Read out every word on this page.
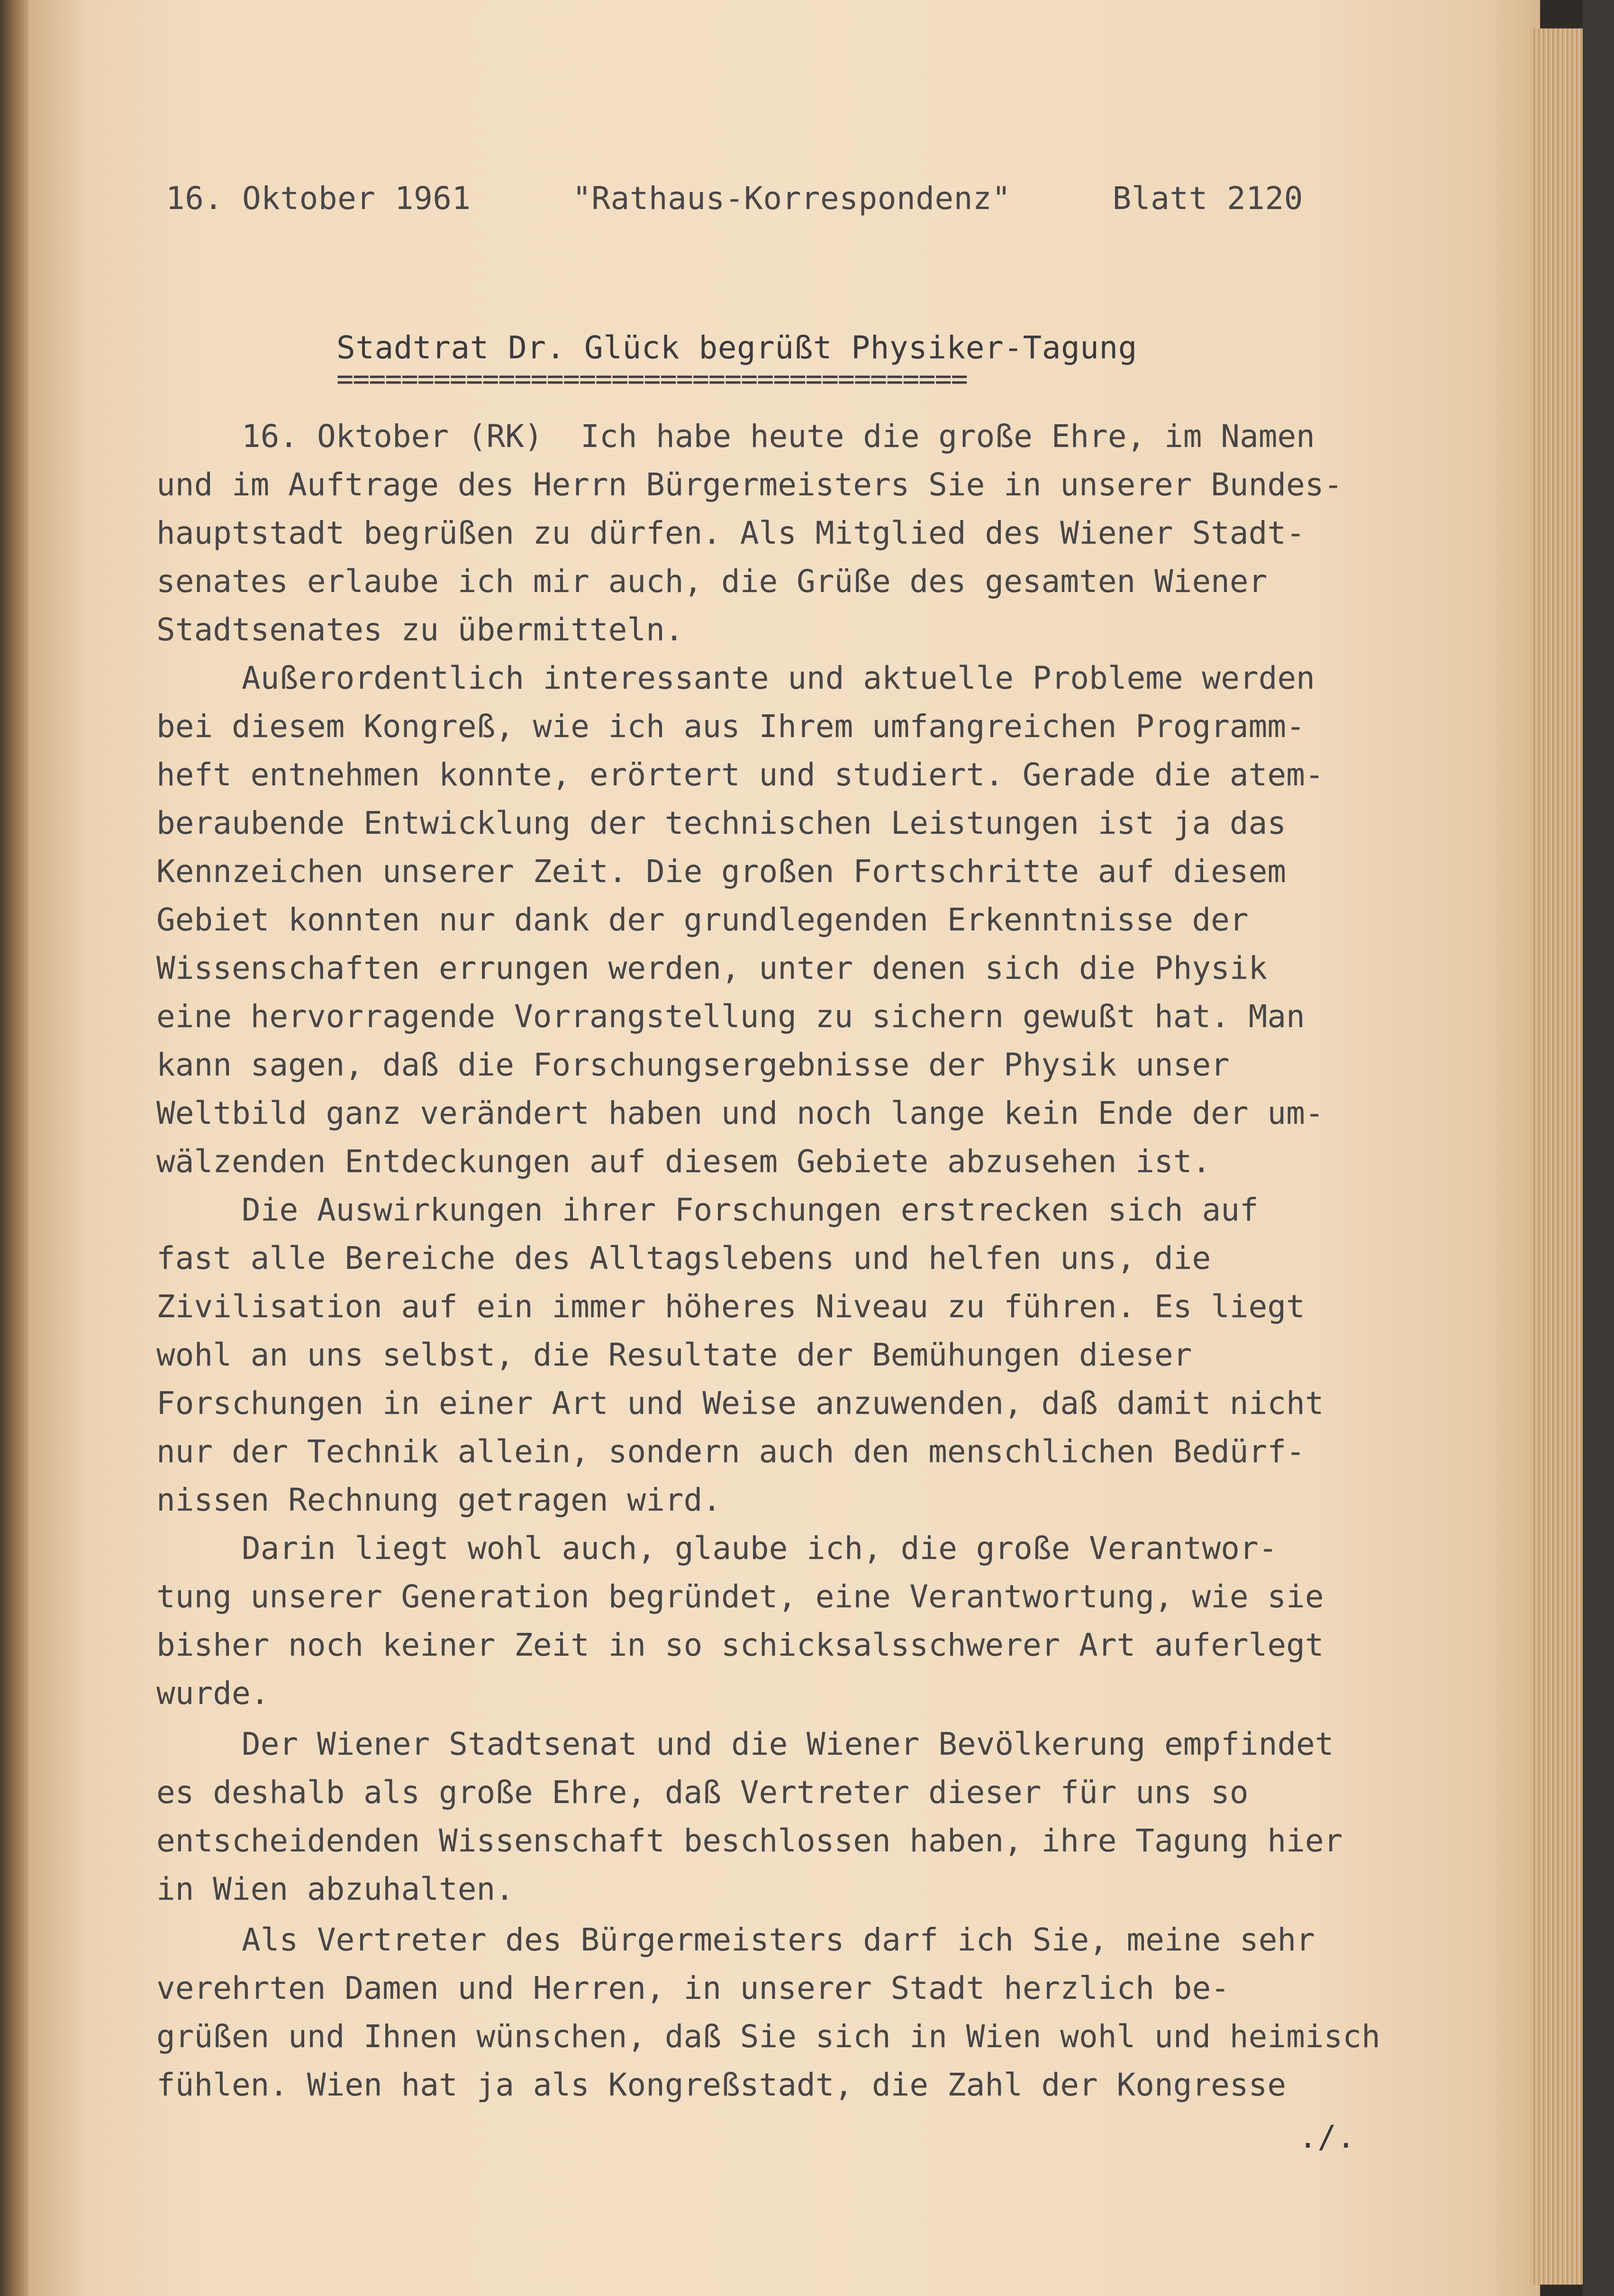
16. Oktober 1961	"Rathaus-Korrespondenz"	Blatt 2120
Stadtrat Dr. Glück begrüßt Physiker-Tagung
=======================================
16. Oktober (RK)  Ich habe heute die große Ehre, im Namen
und im Auftrage des Herrn Bürgermeisters Sie in unserer Bundes-
hauptstadt begrüßen zu dürfen. Als Mitglied des Wiener Stadt-
senates erlaube ich mir auch, die Grüße des gesamten Wiener
Stadtsenates zu übermitteln.
Außerordentlich interessante und aktuelle Probleme werden
bei diesem Kongreß, wie ich aus Ihrem umfangreichen Programm-
heft entnehmen konnte, erörtert und studiert. Gerade die atem-
beraubende Entwicklung der technischen Leistungen ist ja das
Kennzeichen unserer Zeit. Die großen Fortschritte auf diesem
Gebiet konnten nur dank der grundlegenden Erkenntnisse der
Wissenschaften errungen werden, unter denen sich die Physik
eine hervorragende Vorrangstellung zu sichern gewußt hat. Man
kann sagen, daß die Forschungsergebnisse der Physik unser
Weltbild ganz verändert haben und noch lange kein Ende der um-
wälzenden Entdeckungen auf diesem Gebiete abzusehen ist.
Die Auswirkungen ihrer Forschungen erstrecken sich auf
fast alle Bereiche des Alltagslebens und helfen uns, die
Zivilisation auf ein immer höheres Niveau zu führen. Es liegt
wohl an uns selbst, die Resultate der Bemühungen dieser
Forschungen in einer Art und Weise anzuwenden, daß damit nicht
nur der Technik allein, sondern auch den menschlichen Bedürf-
nissen Rechnung getragen wird.
Darin liegt wohl auch, glaube ich, die große Verantwor-
tung unserer Generation begründet, eine Verantwortung, wie sie
bisher noch keiner Zeit in so schicksalsschwerer Art auferlegt
wurde.
Der Wiener Stadtsenat und die Wiener Bevölkerung empfindet
es deshalb als große Ehre, daß Vertreter dieser für uns so
entscheidenden Wissenschaft beschlossen haben, ihre Tagung hier
in Wien abzuhalten.
Als Vertreter des Bürgermeisters darf ich Sie, meine sehr
verehrten Damen und Herren, in unserer Stadt herzlich be-
grüßen und Ihnen wünschen, daß Sie sich in Wien wohl und heimisch
fühlen. Wien hat ja als Kongreßstadt, die Zahl der Kongresse
./.
